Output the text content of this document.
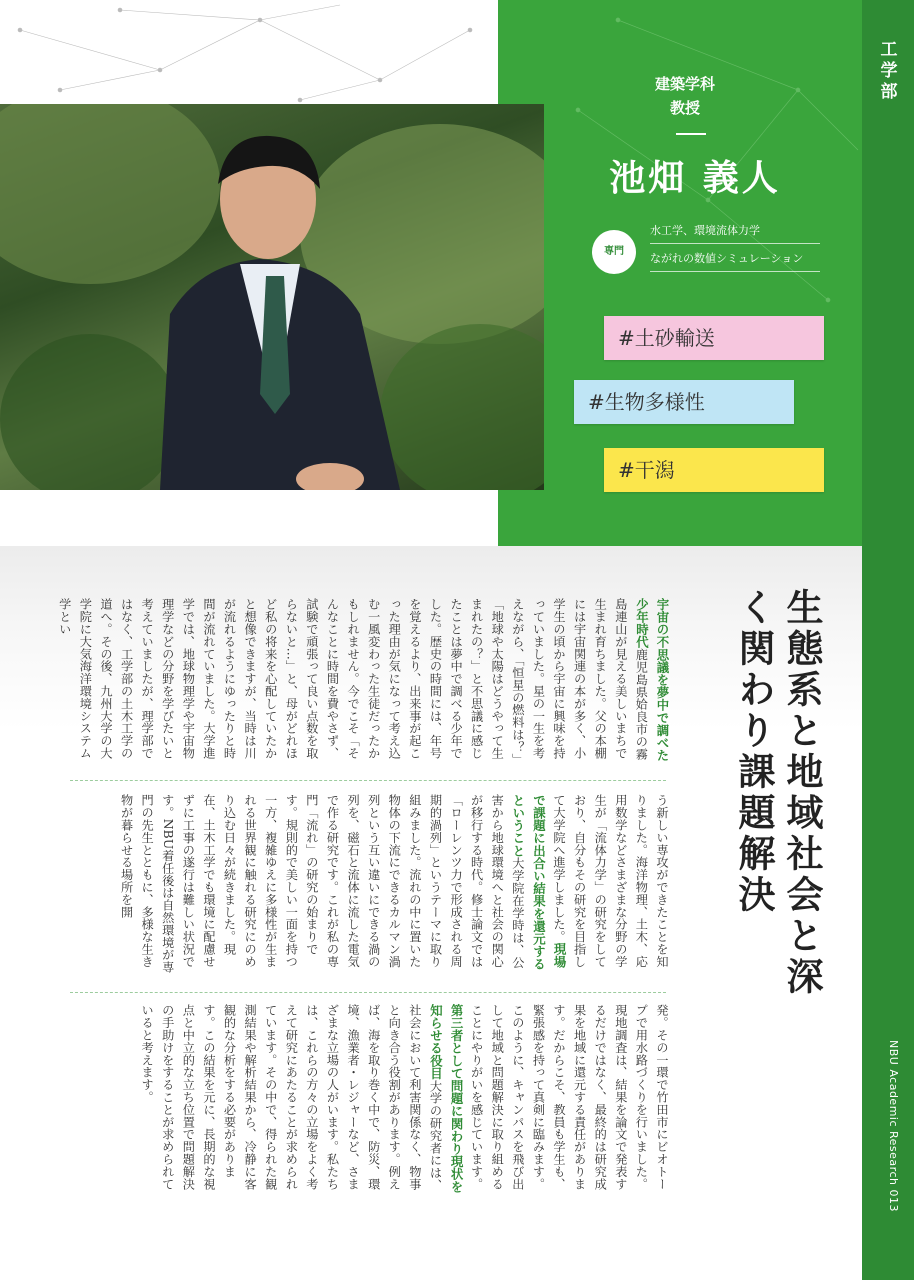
工学部
NBU Academic Research 013
建築学科
教授
池畑 義人
専門
水工学、環境流体力学
ながれの数値シミュレーション
#土砂輸送
#生物多様性
#干潟
生態系と地域社会と深く関わり課題解決
宇宙の不思議を夢中で調べた少年時代鹿児島県姶良市の霧島連山が見える美しいまちで生まれ育ちました。父の本棚には宇宙関連の本が多く、小学生の頃から宇宙に興味を持っていました。星の一生を考えながら、「恒星の燃料は？」「地球や太陽はどうやって生まれたの？」と不思議に感じたことは夢中で調べる少年でした。歴史の時間には、年号を覚えるより、出来事が起こった理由が気になって考え込む一風変わった生徒だったかもしれません。今でこそ「そんなことに時間を費やさず、試験で頑張って良い点数を取らないと…」と、母がどれほど私の将来を心配していたかと想像できますが、当時は川が流れるようにゆったりと時間が流れていました。大学進学では、地球物理学や宇宙物理学などの分野を学びたいと考えていましたが、理学部ではなく、工学部の土木工学の道へ。その後、九州大学の大学院に大気海洋環境システム学とい
う新しい専攻ができたことを知りました。海洋物理、土木、応用数学などさまざまな分野の学生が「流体力学」の研究をしており、自分もその研究を目指して大学院へ進学しました。現場で課題に出合い結果を還元するということ大学院在学時は、公害から地球環境へと社会の関心が移行する時代。修士論文では「ローレンツ力で形成される周期的渦列」というテーマに取り組みました。流れの中に置いた物体の下流にできるカルマン渦列という互い違いにできる渦の列を、磁石と流体に流した電気で作る研究です。これが私の専門「流れ」の研究の始まりです。規則的で美しい一面を持つ一方、複雑ゆえに多様性が生まれる世界観に触れる研究にのめり込む日々が続きました。現在、土木工学でも環境に配慮せずに工事の遂行は難しい状況です。NBU着任後は自然環境が専門の先生とともに、多様な生き物が暮らせる場所を開
発。その一環で竹田市にビオトープで用水路づくりを行いました。現地調査は、結果を論文で発表するだけではなく、最終的は研究成果を地域に還元する責任があります。だからこそ、教員も学生も、緊張感を持って真剣に臨みます。このように、キャンパスを飛び出して地域と問題解決に取り組めることにやりがいを感じています。第三者として問題に関わり現状を知らせる役目大学の研究者には、社会において利害関係なく、物事と向き合う役割があります。例えば、海を取り巻く中で、防災、環境、漁業者・レジャーなど、さまざまな立場の人がいます。私たちは、これらの方々の立場をよく考えて研究にあたることが求められています。その中で、得られた観測結果や解析結果から、冷静に客観的な分析をする必要があります。この結果を元に、長期的な視点と中立的な立ち位置で問題解決の手助けをすることが求められていると考えます。
